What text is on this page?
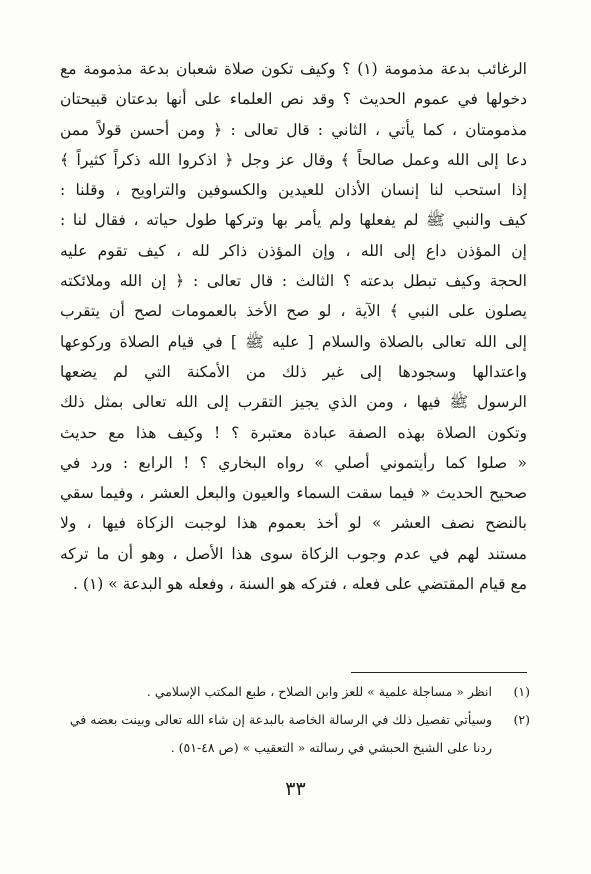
الرغائب بدعة مذمومة (١) ؟ وكيف تكون صلاة شعبان بدعة مذمومة مع
دخولها في عموم الحديث ؟ وقد نص العلماء على أنها بدعتان قبيحتان
مذمومتان ، كما يأتي ، الثاني : قال تعالى : ﴿ ومن أحسن قولاً ممن
دعا إلى الله وعمل صالحاً ﴾ وقال عز وجل ﴿ اذكروا الله ذكراً كثيراً ﴾
إذا استحب لنا إنسان الأذان للعيدين والكسوفين والتراويح ، وقلنا :
كيف والنبي ﷺ لم يفعلها ولم يأمر بها وتركها طول حياته ، فقال لنا :
إن المؤذن داع إلى الله ، وإن المؤذن ذاكر لله ، كيف تقوم عليه
الحجة وكيف تبطل بدعته ؟ الثالث : قال تعالى : ﴿ إن الله وملائكته
يصلون على النبي ﴾ الآية ، لو صح الأخذ بالعمومات لصح أن يتقرب
إلى الله تعالى بالصلاة والسلام [ عليه ﷺ ] في قيام الصلاة وركوعها
واعتدالها وسجودها إلى غير ذلك من الأمكنة التي لم يضعها
الرسول ﷺ فيها ، ومن الذي يجيز التقرب إلى الله تعالى بمثل ذلك
وتكون الصلاة بهذه الصفة عبادة معتبرة ؟ ! وكيف هذا مع حديث
« صلوا كما رأيتموني أصلي » رواه البخاري ؟ ! الرابع : ورد في
صحيح الحديث « فيما سقت السماء والعيون والبعل العشر ، وفيما سقي
بالنضح نصف العشر » لو أخذ بعموم هذا لوجبت الزكاة فيها ، ولا
مستند لهم في عدم وجوب الزكاة سوى هذا الأصل ، وهو أن ما تركه
مع قيام المقتضي على فعله ، فتركه هو السنة ، وفعله هو البدعة » (١) .
(١)
انظر « مساجلة علمية » للعز وابن الصلاح ، طبع المكتب الإسلامي .
(٢)
وسيأتي تفصيل ذلك في الرسالة الخاصة بالبدعة إن شاء الله تعالى وبينت بعضه في
ردنا على الشيخ الحبشي في رسالته « التعقيب » (ص ٤٨-٥١) .
٣٣
